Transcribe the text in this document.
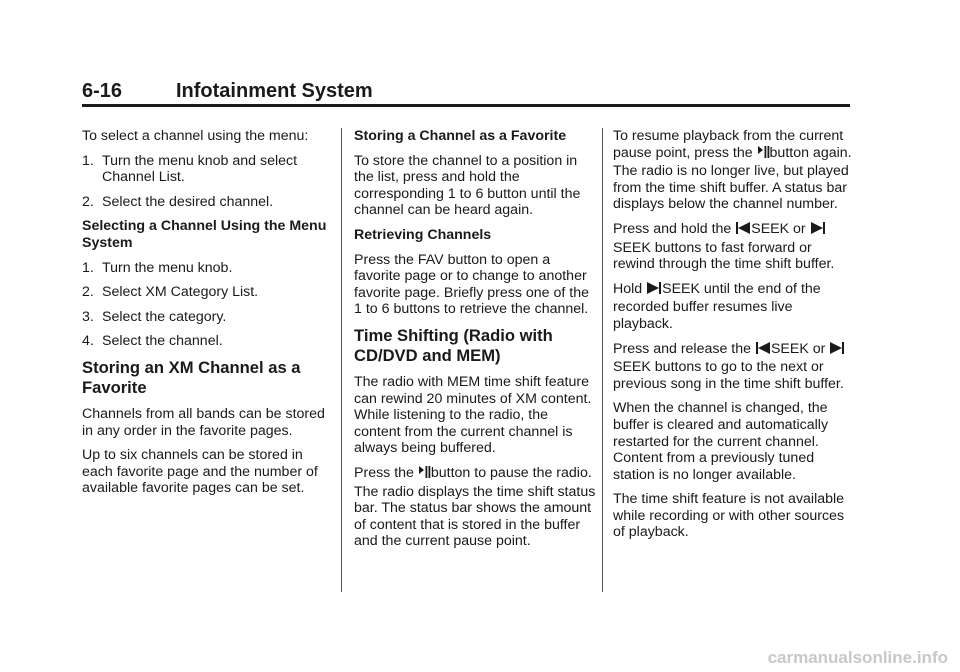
6-16	Infotainment System

To select a channel using the menu:

1. Turn the menu knob and select Channel List.
2. Select the desired channel.

Selecting a Channel Using the Menu System

1. Turn the menu knob.
2. Select XM Category List.
3. Select the category.
4. Select the channel.
Storing an XM Channel as a Favorite

Channels from all bands can be stored in any order in the favorite pages.

Up to six channels can be stored in each favorite page and the number of available favorite pages can be set.

Storing a Channel as a Favorite

To store the channel to a position in the list, press and hold the corresponding 1 to 6 button until the channel can be heard again.

Retrieving Channels

Press the FAV button to open a favorite page or to change to another favorite page. Briefly press one of the 1 to 6 buttons to retrieve the channel.

Time Shifting (Radio with CD/DVD and MEM)

The radio with MEM time shift feature can rewind 20 minutes of XM content. While listening to the radio, the content from the current channel is always being buffered.

Press the button to pause the radio. The radio displays the time shift status bar. The status bar shows the amount of content that is stored in the buffer and the current pause point.

To resume playback from the current pause point, press the button again. The radio is no longer live, but played from the time shift buffer. A status bar displays below the channel number.

Press and hold the SEEK or SEEK buttons to fast forward or rewind through the time shift buffer.

Hold SEEK until the end of the recorded buffer resumes live playback.

Press and release the SEEK or SEEK buttons to go to the next or previous song in the time shift buffer.

When the channel is changed, the buffer is cleared and automatically restarted for the current channel. Content from a previously tuned station is no longer available.

The time shift feature is not available while recording or with other sources of playback.

carmanualsonline.info
